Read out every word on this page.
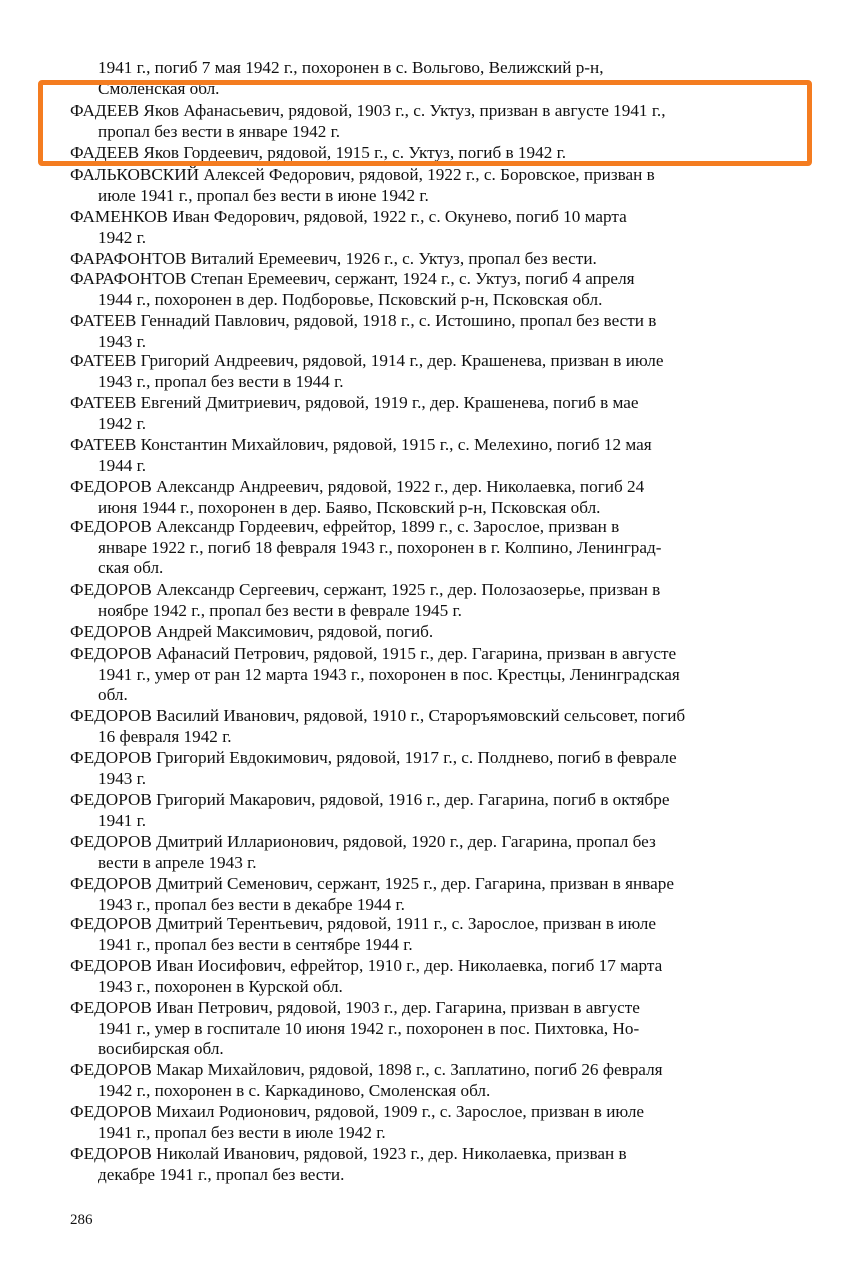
1941 г., погиб 7 мая 1942 г., похоронен в с. Вольгово, Велижский р-н,
Смоленская обл.
ФАДЕЕВ Яков Афанасьевич, рядовой, 1903 г., с. Уктуз, призван в августе 1941 г.,
пропал без вести в январе 1942 г.
ФАДЕЕВ Яков Гордеевич, рядовой, 1915 г., с. Уктуз, погиб в 1942 г.
ФАЛЬКОВСКИЙ Алексей Федорович, рядовой, 1922 г., с. Боровское, призван в
июле 1941 г., пропал без вести в июне 1942 г.
ФАМЕНКОВ Иван Федорович, рядовой, 1922 г., с. Окунево, погиб 10 марта
1942 г.
ФАРАФОНТОВ Виталий Еремеевич, 1926 г., с. Уктуз, пропал без вести.
ФАРАФОНТОВ Степан Еремеевич, сержант, 1924 г., с. Уктуз, погиб 4 апреля
1944 г., похоронен в дер. Подборовье, Псковский р-н, Псковская обл.
ФАТЕЕВ Геннадий Павлович, рядовой, 1918 г., с. Истошино, пропал без вести в
1943 г.
ФАТЕЕВ Григорий Андреевич, рядовой, 1914 г., дер. Крашенева, призван в июле
1943 г., пропал без вести в 1944 г.
ФАТЕЕВ Евгений Дмитриевич, рядовой, 1919 г., дер. Крашенева, погиб в мае
1942 г.
ФАТЕЕВ Константин Михайлович, рядовой, 1915 г., с. Мелехино, погиб 12 мая
1944 г.
ФЕДОРОВ Александр Андреевич, рядовой, 1922 г., дер. Николаевка, погиб 24
июня 1944 г., похоронен в дер. Баяво, Псковский р-н, Псковская обл.
ФЕДОРОВ Александр Гордеевич, ефрейтор, 1899 г., с. Зарослое, призван в
январе 1922 г., погиб 18 февраля 1943 г., похоронен в г. Колпино, Ленинград-
ская обл.
ФЕДОРОВ Александр Сергеевич, сержант, 1925 г., дер. Полозаозерье, призван в
ноябре 1942 г., пропал без вести в феврале 1945 г.
ФЕДОРОВ Андрей Максимович, рядовой, погиб.
ФЕДОРОВ Афанасий Петрович, рядовой, 1915 г., дер. Гагарина, призван в августе
1941 г., умер от ран 12 марта 1943 г., похоронен в пос. Крестцы, Ленинградская
обл.
ФЕДОРОВ Василий Иванович, рядовой, 1910 г., Староръямовский сельсовет, погиб
16 февраля 1942 г.
ФЕДОРОВ Григорий Евдокимович, рядовой, 1917 г., с. Полднево, погиб в феврале
1943 г.
ФЕДОРОВ Григорий Макарович, рядовой, 1916 г., дер. Гагарина, погиб в октябре
1941 г.
ФЕДОРОВ Дмитрий Илларионович, рядовой, 1920 г., дер. Гагарина, пропал без
вести в апреле 1943 г.
ФЕДОРОВ Дмитрий Семенович, сержант, 1925 г., дер. Гагарина, призван в январе
1943 г., пропал без вести в декабре 1944 г.
ФЕДОРОВ Дмитрий Терентьевич, рядовой, 1911 г., с. Зарослое, призван в июле
1941 г., пропал без вести в сентябре 1944 г.
ФЕДОРОВ Иван Иосифович, ефрейтор, 1910 г., дер. Николаевка, погиб 17 марта
1943 г., похоронен в Курской обл.
ФЕДОРОВ Иван Петрович, рядовой, 1903 г., дер. Гагарина, призван в августе
1941 г., умер в госпитале 10 июня 1942 г., похоронен в пос. Пихтовка, Но-
восибирская обл.
ФЕДОРОВ Макар Михайлович, рядовой, 1898 г., с. Заплатино, погиб 26 февраля
1942 г., похоронен в с. Каркадиново, Смоленская обл.
ФЕДОРОВ Михаил Родионович, рядовой, 1909 г., с. Зарослое, призван в июле
1941 г., пропал без вести в июле 1942 г.
ФЕДОРОВ Николай Иванович, рядовой, 1923 г., дер. Николаевка, призван в
декабре 1941 г., пропал без вести.
286
